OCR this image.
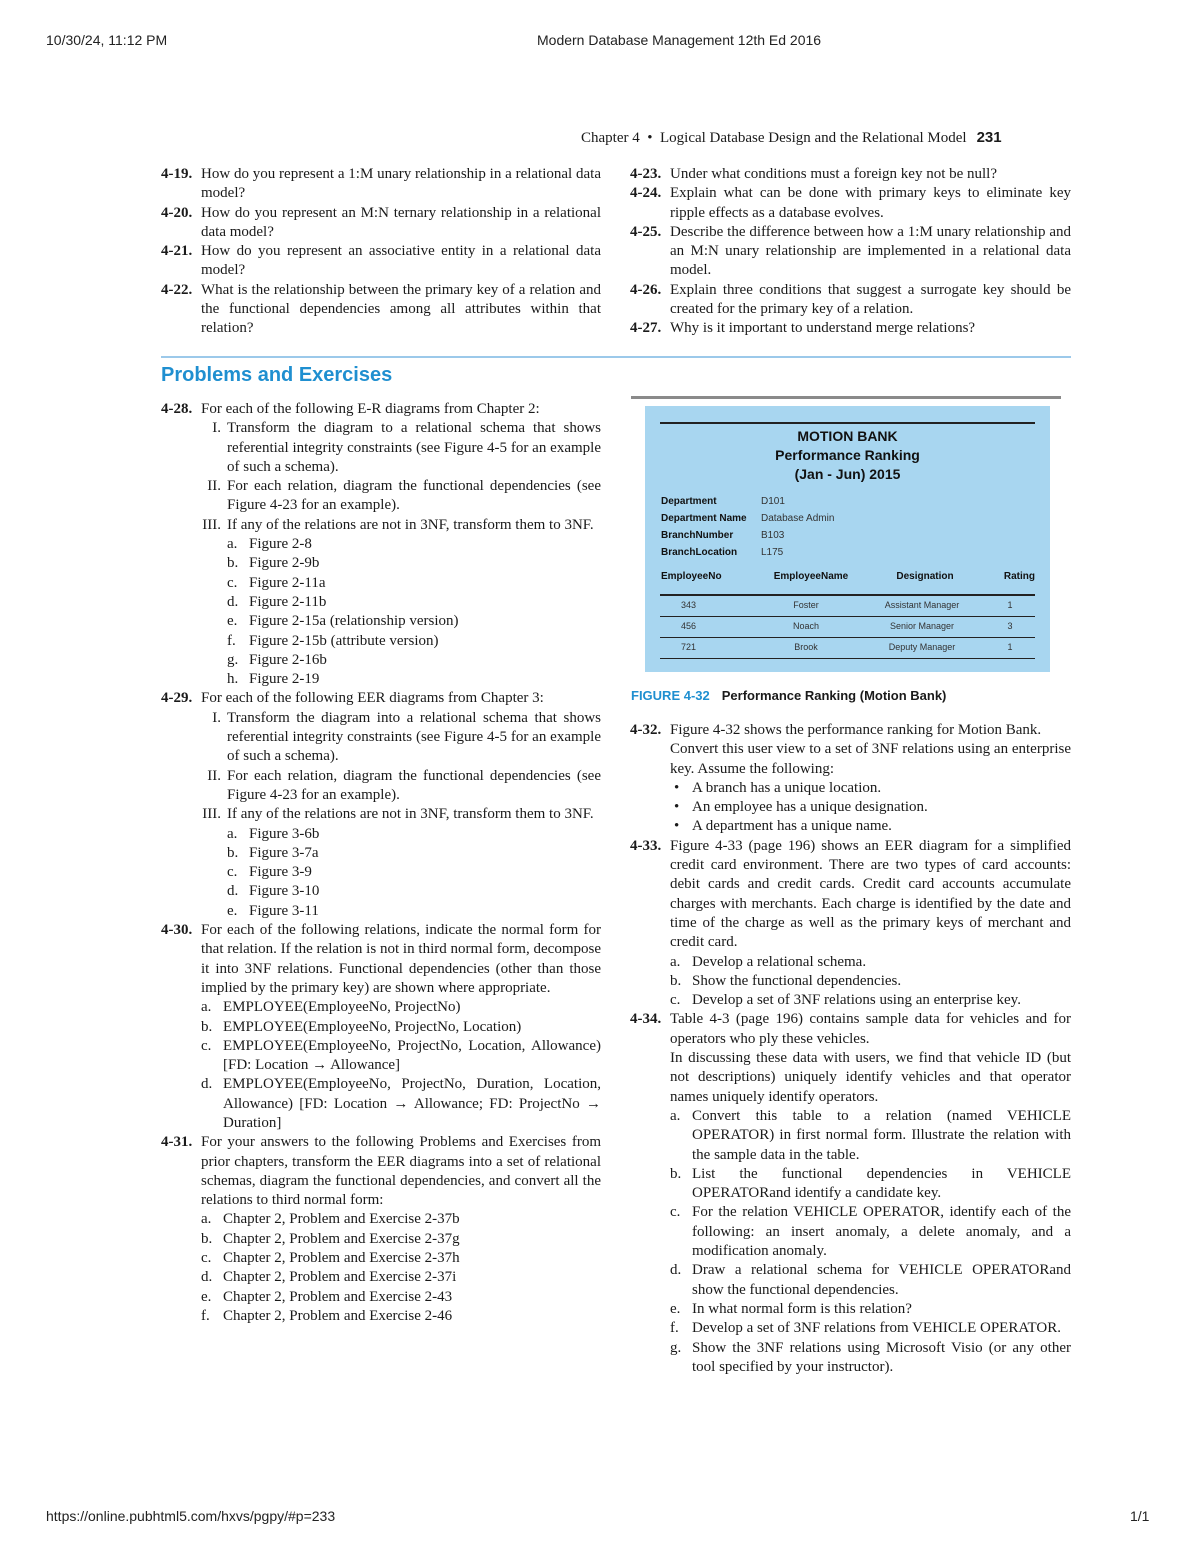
10/30/24, 11:12 PM	Modern Database Management 12th Ed 2016
https://online.pubhtml5.com/hxvs/pgpy/#p=233	1/1
Chapter 4  •  Logical Database Design and the Relational Model 231
4-19. How do you represent a 1:M unary relationship in a relational data model?
4-20. How do you represent an M:N ternary relationship in a relational data model?
4-21. How do you represent an associative entity in a relational data model?
4-22. What is the relationship between the primary key of a relation and the functional dependencies among all attributes within that relation?
4-23. Under what conditions must a foreign key not be null?
4-24. Explain what can be done with primary keys to eliminate key ripple effects as a database evolves.
4-25. Describe the difference between how a 1:M unary relationship and an M:N unary relationship are implemented in a relational data model.
4-26. Explain three conditions that suggest a surrogate key should be created for the primary key of a relation.
4-27. Why is it important to understand merge relations?
Problems and Exercises
4-28. For each of the following E-R diagrams from Chapter 2:
I. Transform the diagram to a relational schema that shows referential integrity constraints (see Figure 4-5 for an example of such a schema).
II. For each relation, diagram the functional dependencies (see Figure 4-23 for an example).
III. If any of the relations are not in 3NF, transform them to 3NF.
a. Figure 2-8
b. Figure 2-9b
c. Figure 2-11a
d. Figure 2-11b
e. Figure 2-15a (relationship version)
f. Figure 2-15b (attribute version)
g. Figure 2-16b
h. Figure 2-19
4-29. For each of the following EER diagrams from Chapter 3:
I. Transform the diagram into a relational schema that shows referential integrity constraints (see Figure 4-5 for an example of such a schema).
II. For each relation, diagram the functional dependencies (see Figure 4-23 for an example).
III. If any of the relations are not in 3NF, transform them to 3NF.
a. Figure 3-6b
b. Figure 3-7a
c. Figure 3-9
d. Figure 3-10
e. Figure 3-11
4-30. For each of the following relations, indicate the normal form for that relation. If the relation is not in third normal form, decompose it into 3NF relations. Functional dependencies (other than those implied by the primary key) are shown where appropriate.
a. EMPLOYEE(EmployeeNo, ProjectNo)
b. EMPLOYEE(EmployeeNo, ProjectNo, Location)
c. EMPLOYEE(EmployeeNo, ProjectNo, Location, Allowance) [FD: Location → Allowance]
d. EMPLOYEE(EmployeeNo, ProjectNo, Duration, Location, Allowance) [FD: Location → Allowance; FD: ProjectNo → Duration]
4-31. For your answers to the following Problems and Exercises from prior chapters, transform the EER diagrams into a set of relational schemas, diagram the functional dependencies, and convert all the relations to third normal form:
a. Chapter 2, Problem and Exercise 2-37b
b. Chapter 2, Problem and Exercise 2-37g
c. Chapter 2, Problem and Exercise 2-37h
d. Chapter 2, Problem and Exercise 2-37i
e. Chapter 2, Problem and Exercise 2-43
f. Chapter 2, Problem and Exercise 2-46
MOTION BANK
Performance Ranking
(Jan - Jun) 2015
Department	D101
Department Name Database Admin
BranchNumber	B103
BranchLocation L175
EmployeeNo	EmployeeName	Designation	Rating
343	Foster	Assistant Manager	1
456	Noach	Senior Manager	3
721	Brook	Deputy Manager	1
FIGURE 4-32 Performance Ranking (Motion Bank)
4-32. Figure 4-32 shows the performance ranking for Motion Bank.
Convert this user view to a set of 3NF relations using an enterprise key. Assume the following:
• A branch has a unique location.
• An employee has a unique designation.
• A department has a unique name.
4-33. Figure 4-33 (page 196) shows an EER diagram for a simplified credit card environment. There are two types of card accounts: debit cards and credit cards. Credit card accounts accumulate charges with merchants. Each charge is identified by the date and time of the charge as well as the primary keys of merchant and credit card.
a. Develop a relational schema.
b. Show the functional dependencies.
c. Develop a set of 3NF relations using an enterprise key.
4-34. Table 4-3 (page 196) contains sample data for vehicles and for operators who ply these vehicles.
In discussing these data with users, we find that vehicle ID (but not descriptions) uniquely identify vehicles and that operator names uniquely identify operators.
a. Convert this table to a relation (named VEHICLE OPERATOR) in first normal form. Illustrate the relation with the sample data in the table.
b. List the functional dependencies in VEHICLE OPERATORand identify a candidate key.
c. For the relation VEHICLE OPERATOR, identify each of the following: an insert anomaly, a delete anomaly, and a modification anomaly.
d. Draw a relational schema for VEHICLE OPERATORand show the functional dependencies.
e. In what normal form is this relation?
f. Develop a set of 3NF relations from VEHICLE OPERATOR.
g. Show the 3NF relations using Microsoft Visio (or any other tool specified by your instructor).
